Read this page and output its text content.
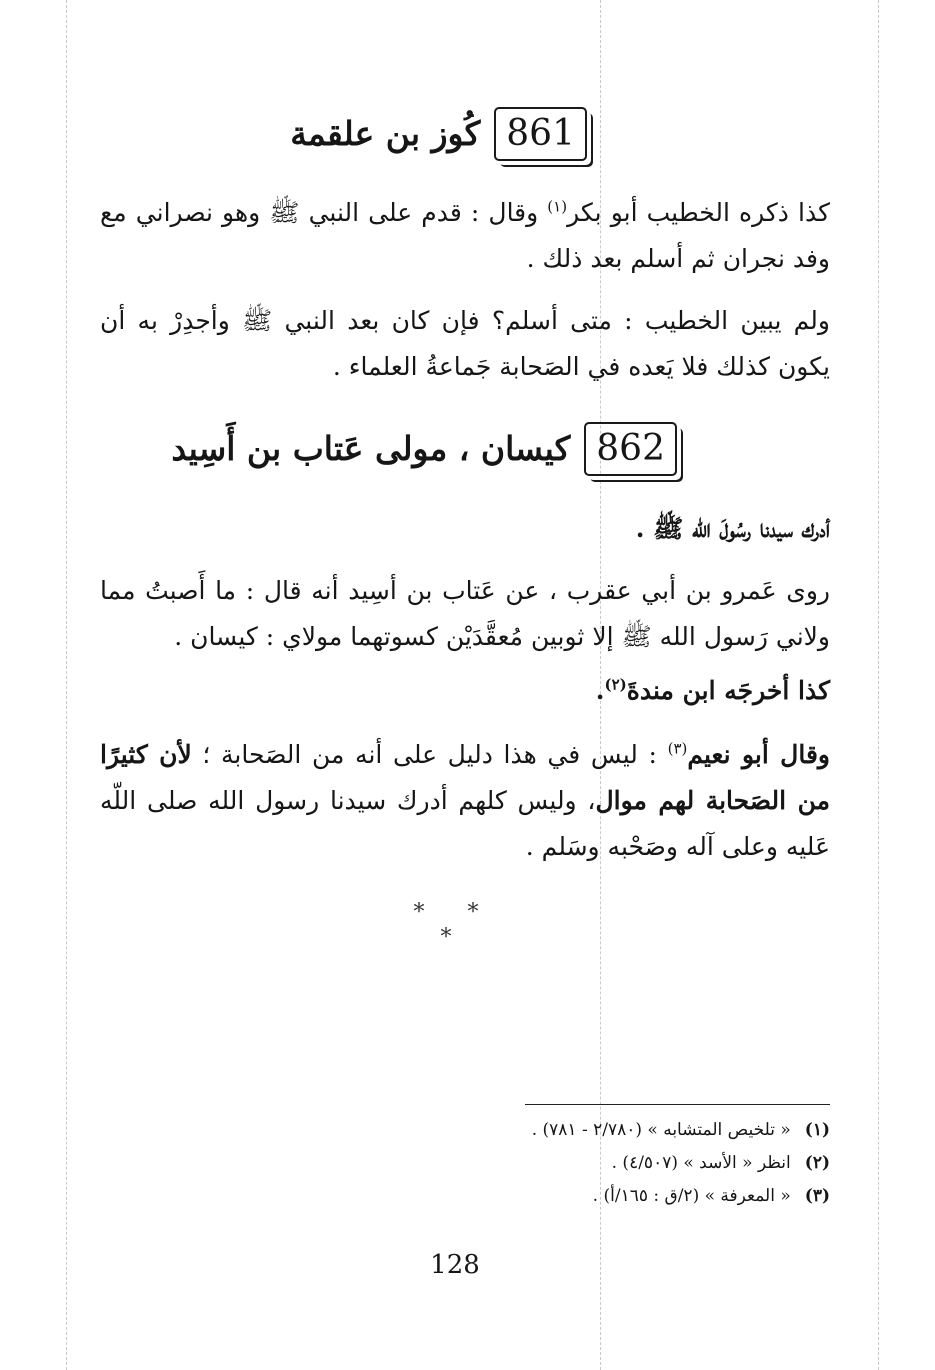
861
كُوز بن علقمة
كذا ذكره الخطيب أبو بكر$^{(١)}$ وقال : قدم على النبي ﷺ وهو نصراني مع وفد نجران ثم أسلم بعد ذلك .
ولم يبين الخطيب : متى أسلم؟ فإن كان بعد النبي ﷺ وأجدِرْ به أن يكون كذلك فلا يَعده في الصَحابة جَماعةُ العلماء .
862
كيسان ، مولى عَتاب بن أَسِيد
أدرك سيدنا رسُولَ الله ﷺ .
روى عَمرو بن أبي عقرب ، عن عَتاب بن أسِيد أنه قال : ما أَصبتُ مما ولاني رَسول الله ﷺ إلا ثوبين مُعقَّدَيْن كسوتهما مولاي : كيسان .
كذا أخرجَه ابن مندةَ$^{(٢)}$.
وقال أبو نعيم$^{(٣)}$ : ليس في هذا دليل على أنه من الصَحابة ؛ لأن كثيرًا من الصَحابة لهم موال، وليس كلهم أدرك سيدنا رسول الله صلى اللّه عَليه وعلى آله وصَحْبه وسَلم .
* * *
(١)« تلخيص المتشابه » (٢/٧٨٠ - ٧٨١) .
(٢)انظر « الأسد » (٤/٥٠٧) .
(٣)« المعرفة » (٢/ق : ١٦٥/أ) .
128
